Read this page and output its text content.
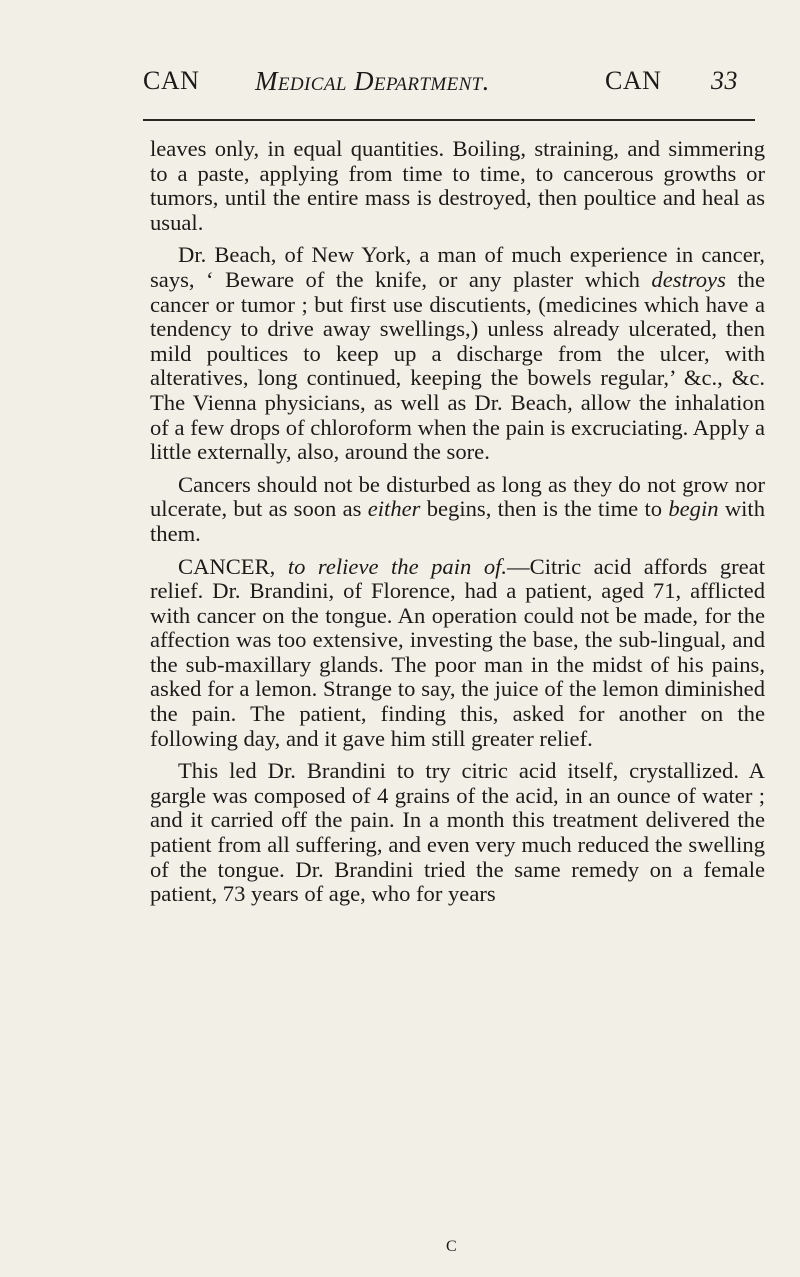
CAN Medical Department.	CAN 33

leaves only, in equal quantities. Boiling, straining, and simmering to a paste, applying from time to time, to cancerous growths or tumors, until the entire mass is destroyed, then poultice and heal as usual.

Dr. Beach, of New York, a man of much experience in cancer, says, ‘ Beware of the knife, or any plaster which destroys the cancer or tumor ; but first use discutients, (medicines which have a tendency to drive away swellings,) unless already ulcerated, then mild poultices to keep up a discharge from the ulcer, with alteratives, long continued, keeping the bowels regular,’ &c., &c. The Vienna physicians, as well as Dr. Beach, allow the inhalation of a few drops of chloroform when the pain is excruciating. Apply a little externally, also, around the sore.

Cancers should not be disturbed as long as they do not grow nor ulcerate, but as soon as either begins, then is the time to begin with them.

CANCER, to relieve the pain of.—Citric acid affords great relief. Dr. Brandini, of Florence, had a patient, aged 71, afflicted with cancer on the tongue. An operation could not be made, for the affection was too extensive, investing the base, the sub-lingual, and the sub-maxillary glands. The poor man in the midst of his pains, asked for a lemon. Strange to say, the juice of the lemon diminished the pain. The patient, finding this, asked for another on the following day, and it gave him still greater relief.

This led Dr. Brandini to try citric acid itself, crystallized. A gargle was composed of 4 grains of the acid, in an ounce of water ; and it carried off the pain. In a month this treatment delivered the patient from all suffering, and even very much reduced the swelling of the tongue. Dr. Brandini tried the same remedy on a female patient, 73 years of age, who for years

C
